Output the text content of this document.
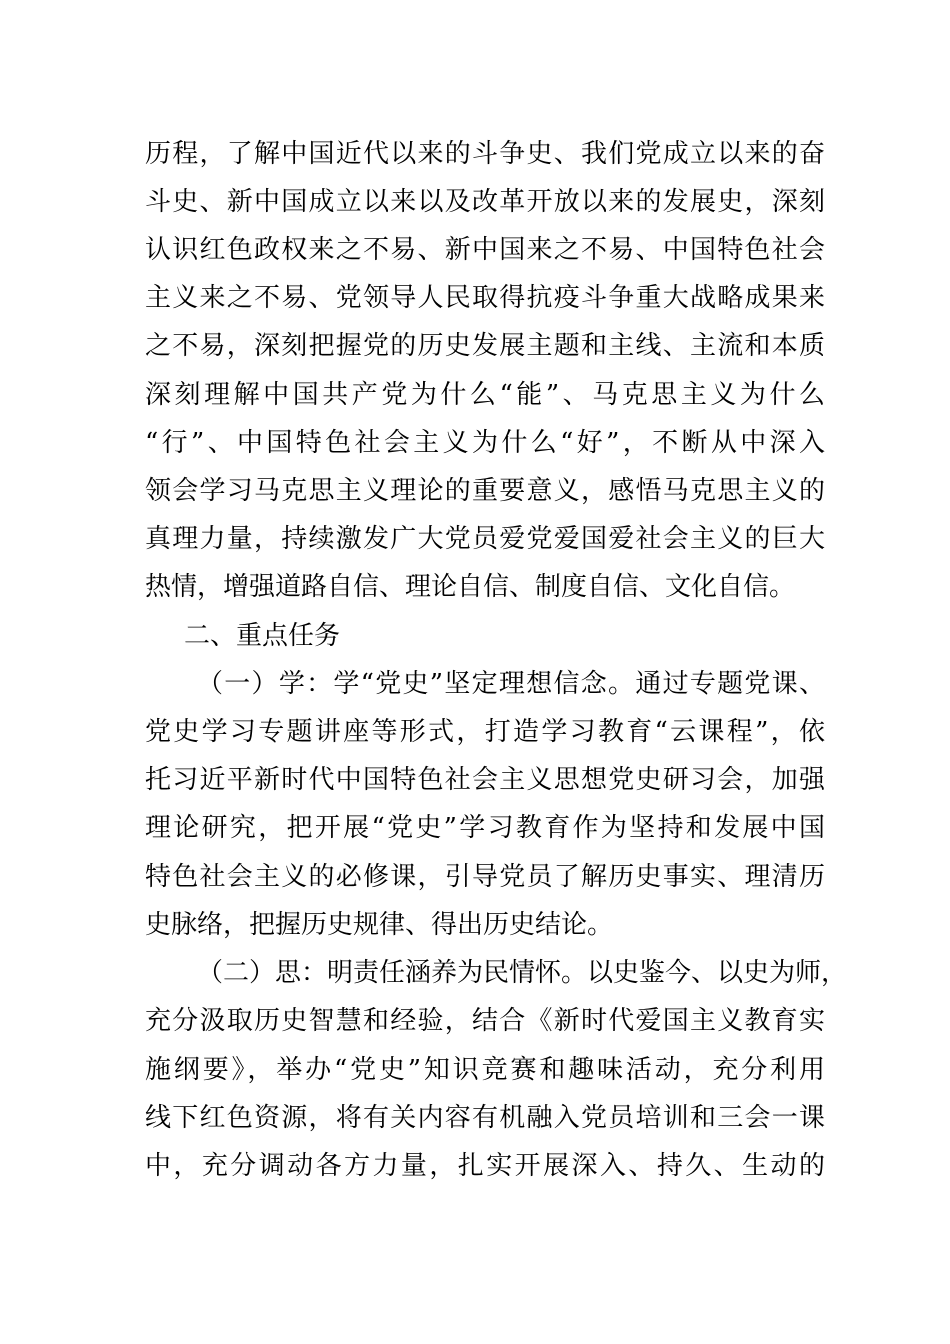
历程，了解中国近代以来的斗争史、我们党成立以来的奋
斗史、新中国成立以来以及改革开放以来的发展史，深刻
认识红色政权来之不易、新中国来之不易、中国特色社会
主义来之不易、党领导人民取得抗疫斗争重大战略成果来
之不易，深刻把握党的历史发展主题和主线、主流和本质
深刻理解中国共产党为什么“能”、马克思主义为什么
“行”、中国特色社会主义为什么“好”，不断从中深入
领会学习马克思主义理论的重要意义，感悟马克思主义的
真理力量，持续激发广大党员爱党爱国爱社会主义的巨大
热情，增强道路自信、理论自信、制度自信、文化自信。
二、重点任务
（一）学：学“党史”坚定理想信念。通过专题党课、
党史学习专题讲座等形式，打造学习教育“云课程”，依
托习近平新时代中国特色社会主义思想党史研习会，加强
理论研究，把开展“党史”学习教育作为坚持和发展中国
特色社会主义的必修课，引导党员了解历史事实、理清历
史脉络，把握历史规律、得出历史结论。
（二）思：明责任涵养为民情怀。以史鉴今、以史为师，
充分汲取历史智慧和经验，结合《新时代爱国主义教育实
施纲要》，举办“党史”知识竞赛和趣味活动，充分利用
线下红色资源，将有关内容有机融入党员培训和三会一课
中，充分调动各方力量，扎实开展深入、持久、生动的
